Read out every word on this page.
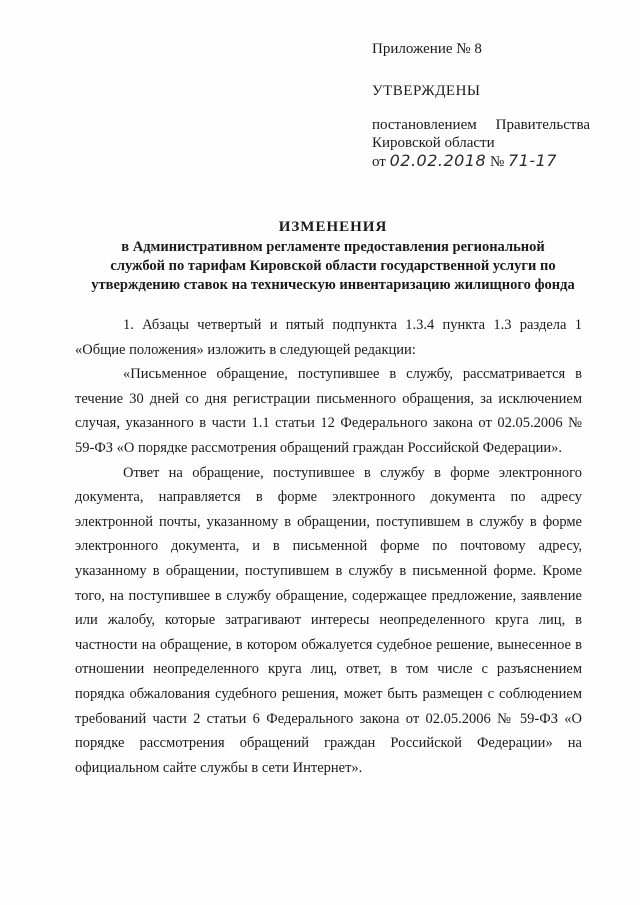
Приложение № 8
УТВЕРЖДЕНЫ
постановлением Правительства
Кировской области
от 02.02.2018 № 71-17
ИЗМЕНЕНИЯ
в Административном регламенте предоставления региональной
службой по тарифам Кировской области государственной услуги по
утверждению ставок на техническую инвентаризацию жилищного фонда

1. Абзацы четвертый и пятый подпункта 1.3.4 пункта 1.3 раздела 1 «Общие положения» изложить в следующей редакции:

«Письменное обращение, поступившее в службу, рассматривается в течение 30 дней со дня регистрации письменного обращения, за исключением случая, указанного в части 1.1 статьи 12 Федерального закона от 02.05.2006 № 59-ФЗ «О порядке рассмотрения обращений граждан Российской Федерации».

Ответ на обращение, поступившее в службу в форме электронного документа, направляется в форме электронного документа по адресу электронной почты, указанному в обращении, поступившем в службу в форме электронного документа, и в письменной форме по почтовому адресу, указанному в обращении, поступившем в службу в письменной форме. Кроме того, на поступившее в службу обращение, содержащее предложение, заявление или жалобу, которые затрагивают интересы неопределенного круга лиц, в частности на обращение, в котором обжалуется судебное решение, вынесенное в отношении неопределенного круга лиц, ответ, в том числе с разъяснением порядка обжалования судебного решения, может быть размещен с соблюдением требований части 2 статьи 6 Федерального закона от 02.05.2006 № 59-ФЗ «О порядке рассмотрения обращений граждан Российской Федерации» на официальном сайте службы в сети Интернет».
